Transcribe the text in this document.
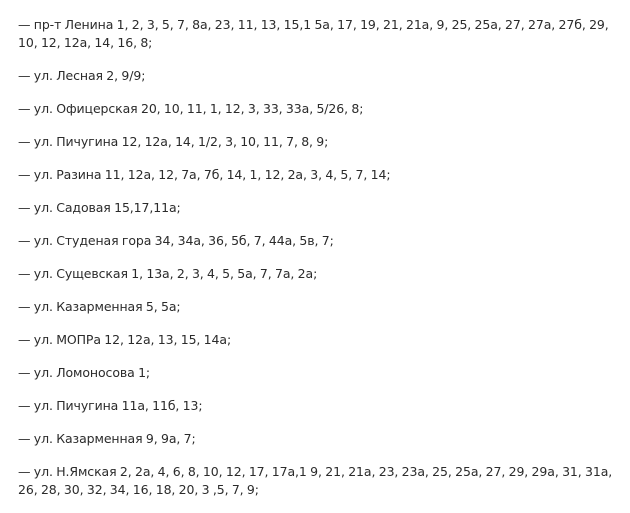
— пр-т Ленина 1, 2, 3, 5, 7, 8а, 23, 11, 13, 15,1 5а, 17, 19, 21, 21а, 9, 25, 25а, 27, 27а, 27б, 29, 10, 12, 12а, 14, 16, 8;

— ул. Лесная 2, 9/9;

— ул. Офицерская 20, 10, 11, 1, 12, 3, 33, 33а, 5/26, 8;

— ул. Пичугина 12, 12а, 14, 1/2, 3, 10, 11, 7, 8, 9;

— ул. Разина 11, 12а, 12, 7а, 7б, 14, 1, 12, 2а, 3, 4, 5, 7, 14;

— ул. Садовая 15,17,11а;

— ул. Студеная гора 34, 34а, 36, 5б, 7, 44а, 5в, 7;

— ул. Сущевская 1, 13а, 2, 3, 4, 5, 5а, 7, 7а, 2а;

— ул. Казарменная 5, 5а;

— ул. МОПРа 12, 12а, 13, 15, 14а;

— ул. Ломоносова 1;

— ул. Пичугина 11а, 11б, 13;

— ул. Казарменная 9, 9а, 7;

— ул. Н.Ямская 2, 2а, 4, 6, 8, 10, 12, 17, 17а,1 9, 21, 21а, 23, 23а, 25, 25а, 27, 29, 29а, 31, 31а, 26, 28, 30, 32, 34, 16, 18, 20, 3 ,5, 7, 9;
